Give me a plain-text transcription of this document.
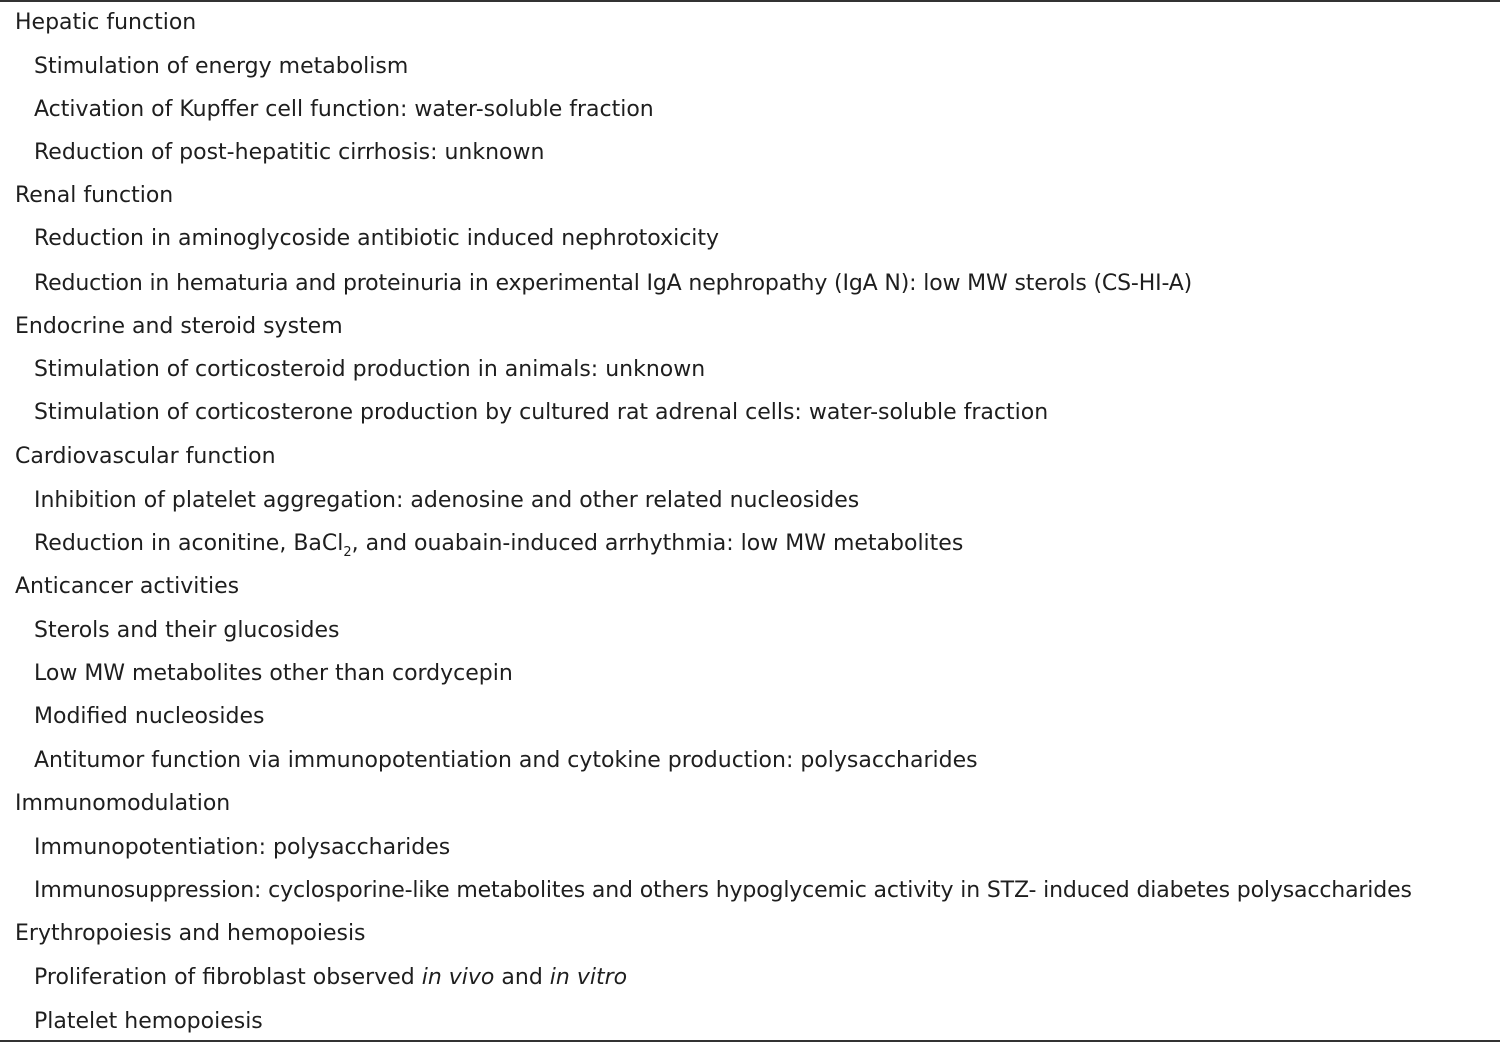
Hepatic function
Stimulation of energy metabolism
Activation of Kupffer cell function: water-soluble fraction
Reduction of post-hepatitic cirrhosis: unknown
Renal function
Reduction in aminoglycoside antibiotic induced nephrotoxicity
Reduction in hematuria and proteinuria in experimental IgA nephropathy (IgA N): low MW sterols (CS-HI-A)
Endocrine and steroid system
Stimulation of corticosteroid production in animals: unknown
Stimulation of corticosterone production by cultured rat adrenal cells: water-soluble fraction
Cardiovascular function
Inhibition of platelet aggregation: adenosine and other related nucleosides
Reduction in aconitine, BaCl$_2$, and ouabain-induced arrhythmia: low MW metabolites
Anticancer activities
Sterols and their glucosides
Low MW metabolites other than cordycepin
Modified nucleosides
Antitumor function via immunopotentiation and cytokine production: polysaccharides
Immunomodulation
Immunopotentiation: polysaccharides
Immunosuppression: cyclosporine-like metabolites and others hypoglycemic activity in STZ- induced diabetes polysaccharides
Erythropoiesis and hemopoiesis
Proliferation of fibroblast observed in vivo and in vitro
Platelet hemopoiesis
